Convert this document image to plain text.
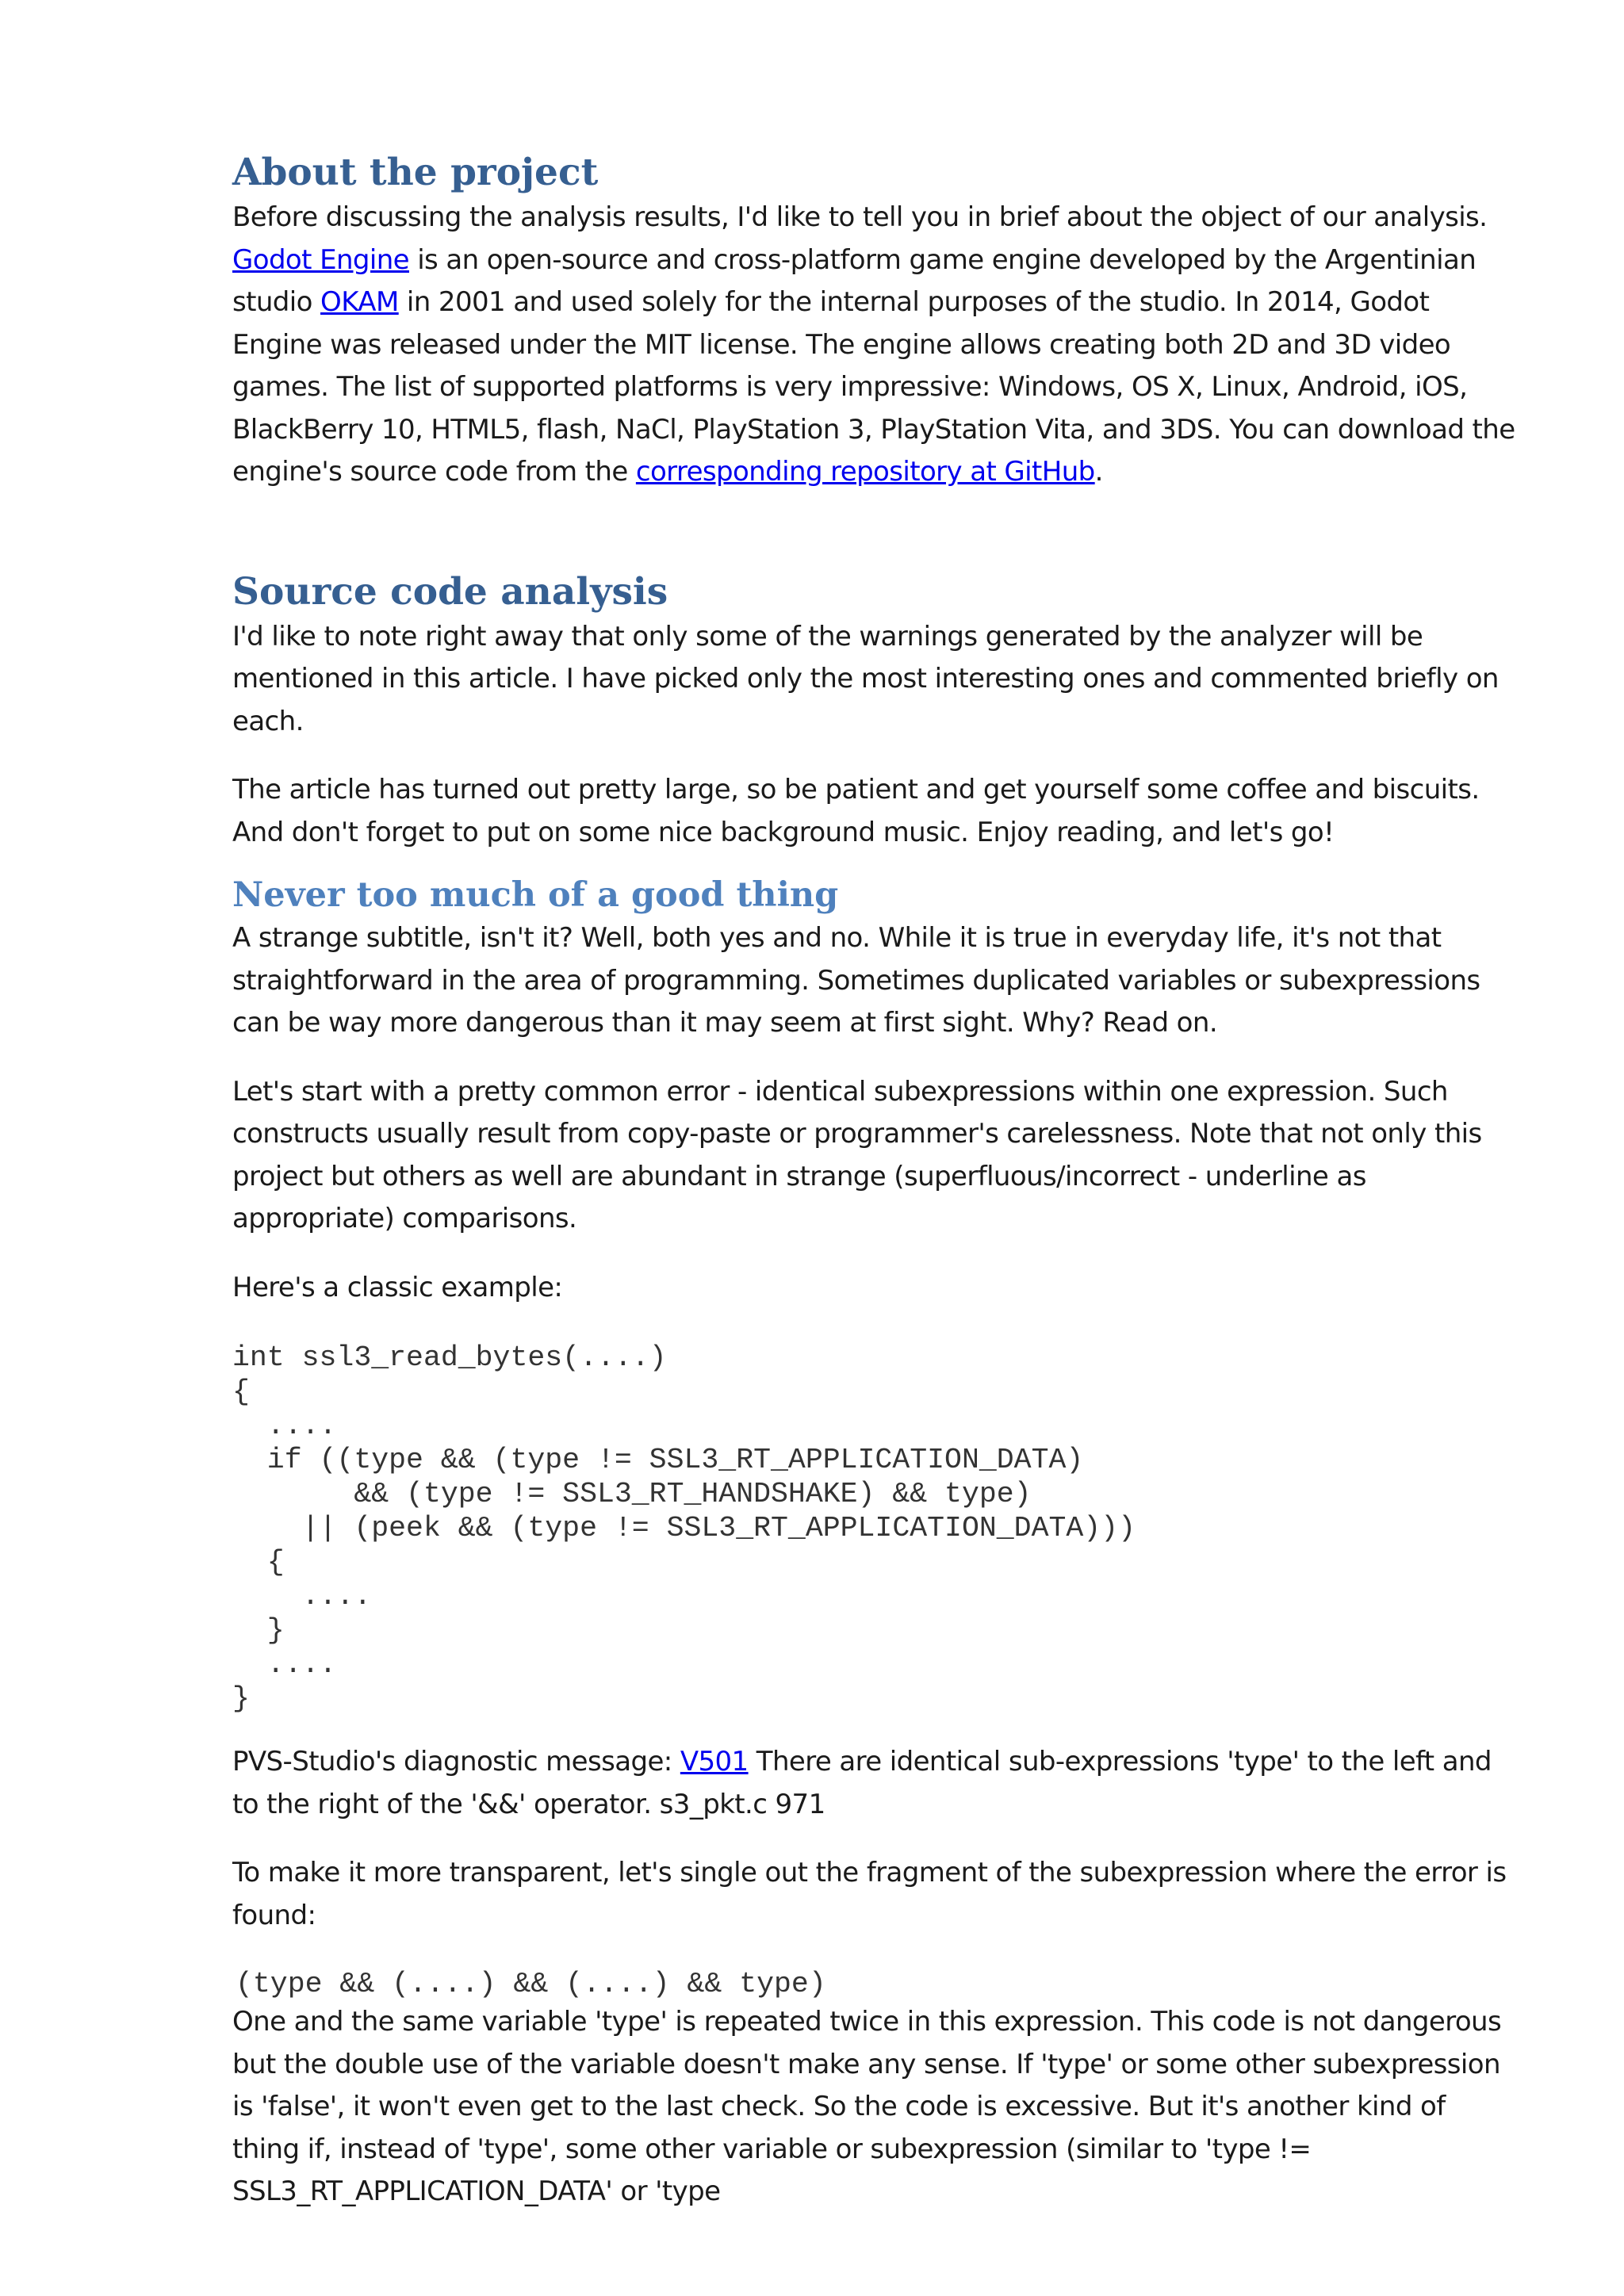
About the project

Before discussing the analysis results, I'd like to tell you in brief about the object of our analysis. Godot Engine is an open-source and cross-platform game engine developed by the Argentinian studio OKAM in 2001 and used solely for the internal purposes of the studio. In 2014, Godot Engine was released under the MIT license. The engine allows creating both 2D and 3D video games. The list of supported platforms is very impressive: Windows, OS X, Linux, Android, iOS, BlackBerry 10, HTML5, flash, NaCl, PlayStation 3, PlayStation Vita, and 3DS. You can download the engine's source code from the corresponding repository at GitHub.

Source code analysis

I'd like to note right away that only some of the warnings generated by the analyzer will be mentioned in this article. I have picked only the most interesting ones and commented briefly on each.

The article has turned out pretty large, so be patient and get yourself some coffee and biscuits. And don't forget to put on some nice background music. Enjoy reading, and let's go!

Never too much of a good thing

A strange subtitle, isn't it? Well, both yes and no. While it is true in everyday life, it's not that straightforward in the area of programming. Sometimes duplicated variables or subexpressions can be way more dangerous than it may seem at first sight. Why? Read on.

Let's start with a pretty common error - identical subexpressions within one expression. Such constructs usually result from copy-paste or programmer's carelessness. Note that not only this project but others as well are abundant in strange (superfluous/incorrect - underline as appropriate) comparisons.

Here's a classic example:

int ssl3_read_bytes(....)
{
....
if ((type && (type != SSL3_RT_APPLICATION_DATA)
&& (type != SSL3_RT_HANDSHAKE) && type)
|| (peek && (type != SSL3_RT_APPLICATION_DATA)))
{
....
}
....
}

PVS-Studio's diagnostic message: V501 There are identical sub-expressions 'type' to the left and to the right of the '&&' operator. s3_pkt.c 971

To make it more transparent, let's single out the fragment of the subexpression where the error is found:

(type && (....) && (....) && type)

One and the same variable 'type' is repeated twice in this expression. This code is not dangerous but the double use of the variable doesn't make any sense. If 'type' or some other subexpression is 'false', it won't even get to the last check. So the code is excessive. But it's another kind of thing if, instead of 'type', some other variable or subexpression (similar to 'type != SSL3_RT_APPLICATION_DATA' or 'type
